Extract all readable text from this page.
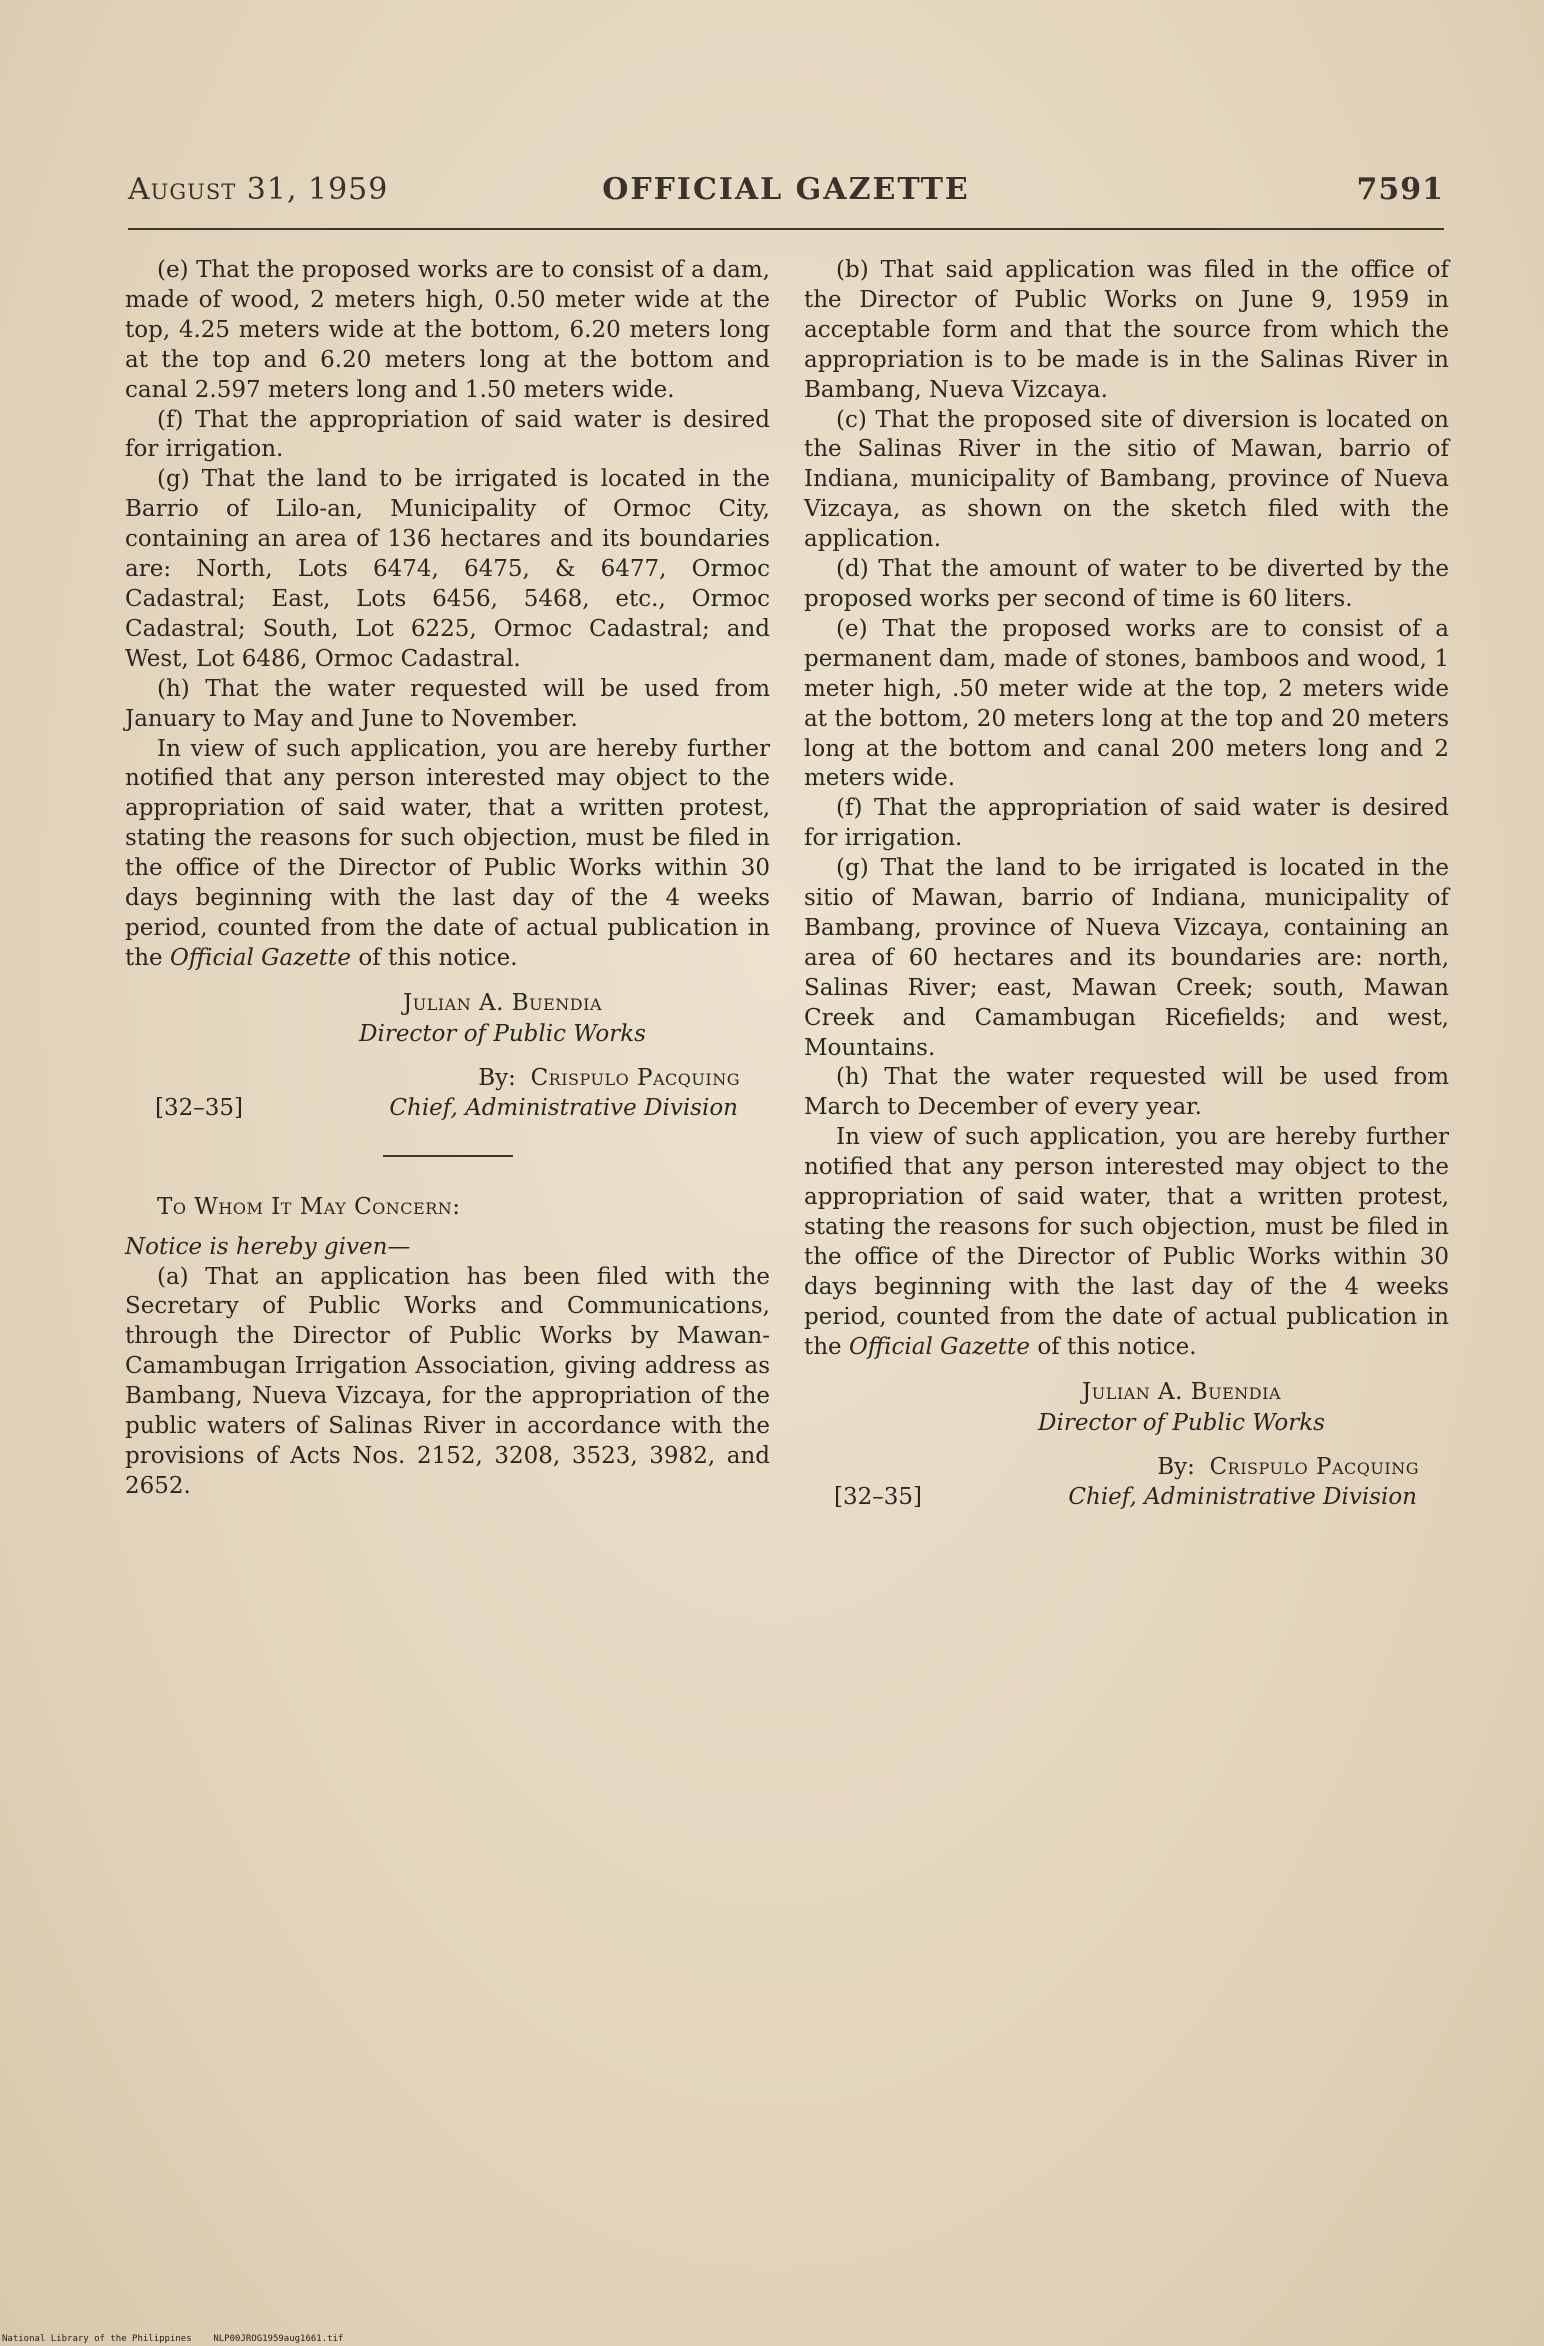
August 31, 1959	OFFICIAL GAZETTE	7591

(e) That the proposed works are to consist of a dam, made of wood, 2 meters high, 0.50 meter wide at the top, 4.25 meters wide at the bottom, 6.20 meters long at the top and 6.20 meters long at the bottom and canal 2.597 meters long and 1.50 meters wide.

(f) That the appropriation of said water is desired for irrigation.

(g) That the land to be irrigated is located in the Barrio of Lilo-an, Municipality of Ormoc City, containing an area of 136 hectares and its boundaries are: North, Lots 6474, 6475, & 6477, Ormoc Cadastral; East, Lots 6456, 5468, etc., Ormoc Cadastral; South, Lot 6225, Ormoc Cadastral; and West, Lot 6486, Ormoc Cadastral.

(h) That the water requested will be used from January to May and June to November.

In view of such application, you are hereby further notified that any person interested may object to the appropriation of said water, that a written protest, stating the reasons for such objection, must be filed in the office of the Director of Public Works within 30 days beginning with the last day of the 4 weeks period, counted from the date of actual publication in the Official Gazette of this notice.

Julian A. Buendia
Director of Public Works
By: Crispulo Pacquing
[32–35]	Chief, Administrative Division

To Whom It May Concern:

Notice is hereby given—

(a) That an application has been filed with the Secretary of Public Works and Communications, through the Director of Public Works by Mawan-Camambugan Irrigation Association, giving address as Bambang, Nueva Vizcaya, for the appropriation of the public waters of Salinas River in accordance with the provisions of Acts Nos. 2152, 3208, 3523, 3982, and 2652.

(b) That said application was filed in the office of the Director of Public Works on June 9, 1959 in acceptable form and that the source from which the appropriation is to be made is in the Salinas River in Bambang, Nueva Vizcaya.

(c) That the proposed site of diversion is located on the Salinas River in the sitio of Mawan, barrio of Indiana, municipality of Bambang, province of Nueva Vizcaya, as shown on the sketch filed with the application.

(d) That the amount of water to be diverted by the proposed works per second of time is 60 liters.

(e) That the proposed works are to consist of a permanent dam, made of stones, bamboos and wood, 1 meter high, .50 meter wide at the top, 2 meters wide at the bottom, 20 meters long at the top and 20 meters long at the bottom and canal 200 meters long and 2 meters wide.

(f) That the appropriation of said water is desired for irrigation.

(g) That the land to be irrigated is located in the sitio of Mawan, barrio of Indiana, municipality of Bambang, province of Nueva Vizcaya, containing an area of 60 hectares and its boundaries are: north, Salinas River; east, Mawan Creek; south, Mawan Creek and Camambugan Ricefields; and west, Mountains.

(h) That the water requested will be used from March to December of every year.

In view of such application, you are hereby further notified that any person interested may object to the appropriation of said water, that a written protest, stating the reasons for such objection, must be filed in the office of the Director of Public Works within 30 days beginning with the last day of the 4 weeks period, counted from the date of actual publication in the Official Gazette of this notice.

Julian A. Buendia
Director of Public Works
By: Crispulo Pacquing
[32–35]	Chief, Administrative Division
National Library of the Philippines NLP00JROG1959aug1661.tif
